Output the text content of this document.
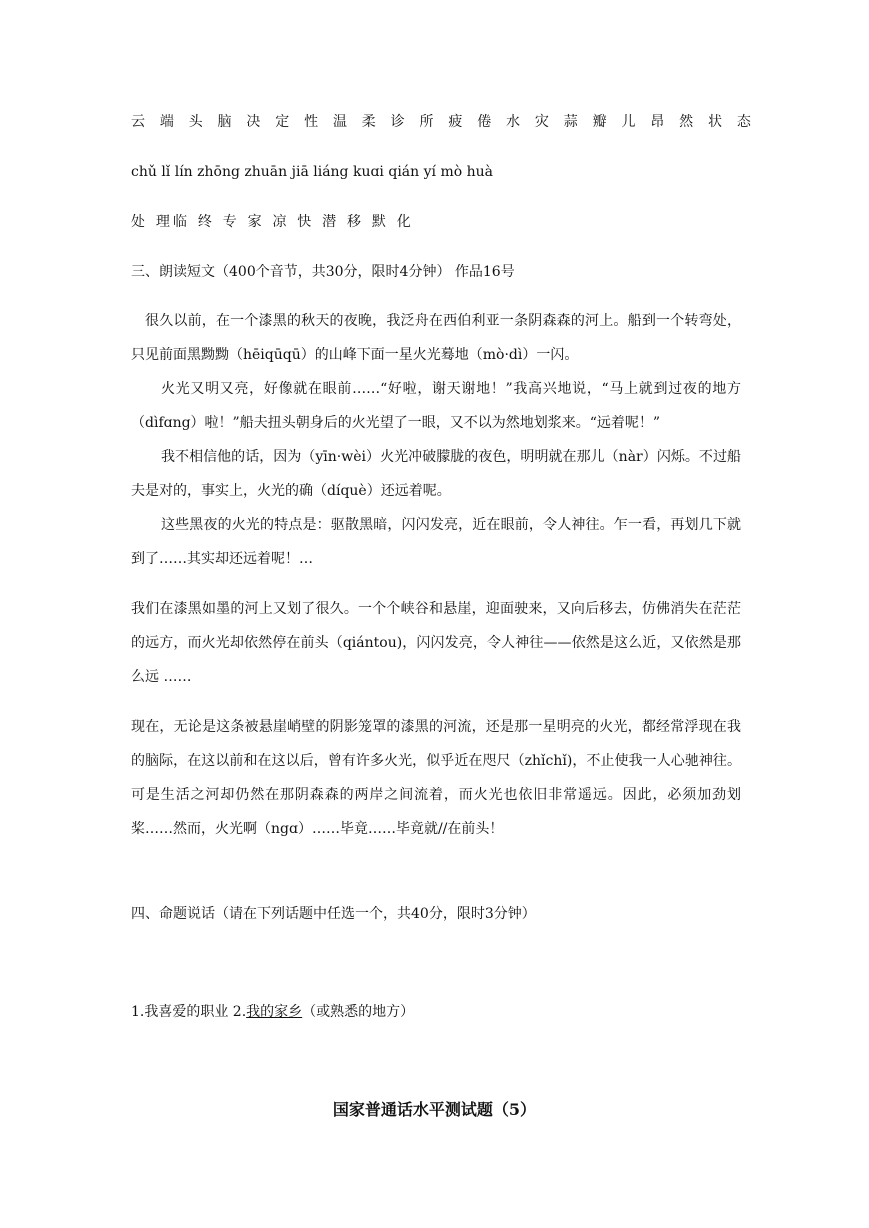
云 端 头 脑 决 定 性 温 柔 诊 所 疲 倦 水 灾 蒜 瓣 儿 昂 然 状 态
chǔ lǐ lín zhōng zhuān jiā liáng kuɑi qián yí mò huà
处 理临 终 专 家 凉 快 潜 移 默 化
三、朗读短文（400个音节，共30分，限时4分钟） 作品16号
很久以前，在一个漆黑的秋天的夜晚，我泛舟在西伯利亚一条阴森森的河上。船到一个转弯处，只见前面黑黝黝（hēiqūqū）的山峰下面一星火光蓦地（mò·dì）一闪。
火光又明又亮，好像就在眼前……“好啦，谢天谢地！”我高兴地说，“马上就到过夜的地方（dìfɑng）啦！”船夫扭头朝身后的火光望了一眼，又不以为然地划浆来。“远着呢！”
我不相信他的话，因为（yīn·wèi）火光冲破朦胧的夜色，明明就在那儿（nàr）闪烁。不过船夫是对的，事实上，火光的确（díquè）还远着呢。
这些黑夜的火光的特点是：驱散黑暗，闪闪发亮，近在眼前，令人神往。乍一看，再划几下就到了……其实却还远着呢！…
我们在漆黑如墨的河上又划了很久。一个个峡谷和悬崖，迎面驶来，又向后移去，仿佛消失在茫茫的远方，而火光却依然停在前头（qiántou)，闪闪发亮，令人神往——依然是这么近，又依然是那么远 ……
现在，无论是这条被悬崖峭壁的阴影笼罩的漆黑的河流，还是那一星明亮的火光，都经常浮现在我的脑际，在这以前和在这以后，曾有许多火光，似乎近在咫尺（zhǐchǐ)，不止使我一人心驰神往。可是生活之河却仍然在那阴森森的两岸之间流着，而火光也依旧非常遥远。因此，必须加劲划桨……然而，火光啊（ngɑ）……毕竟……毕竟就//在前头！
四、命题说话（请在下列话题中任选一个，共40分，限时3分钟）
1.我喜爱的职业 2.我的家乡（或熟悉的地方）
国家普通话水平测试题（5）
